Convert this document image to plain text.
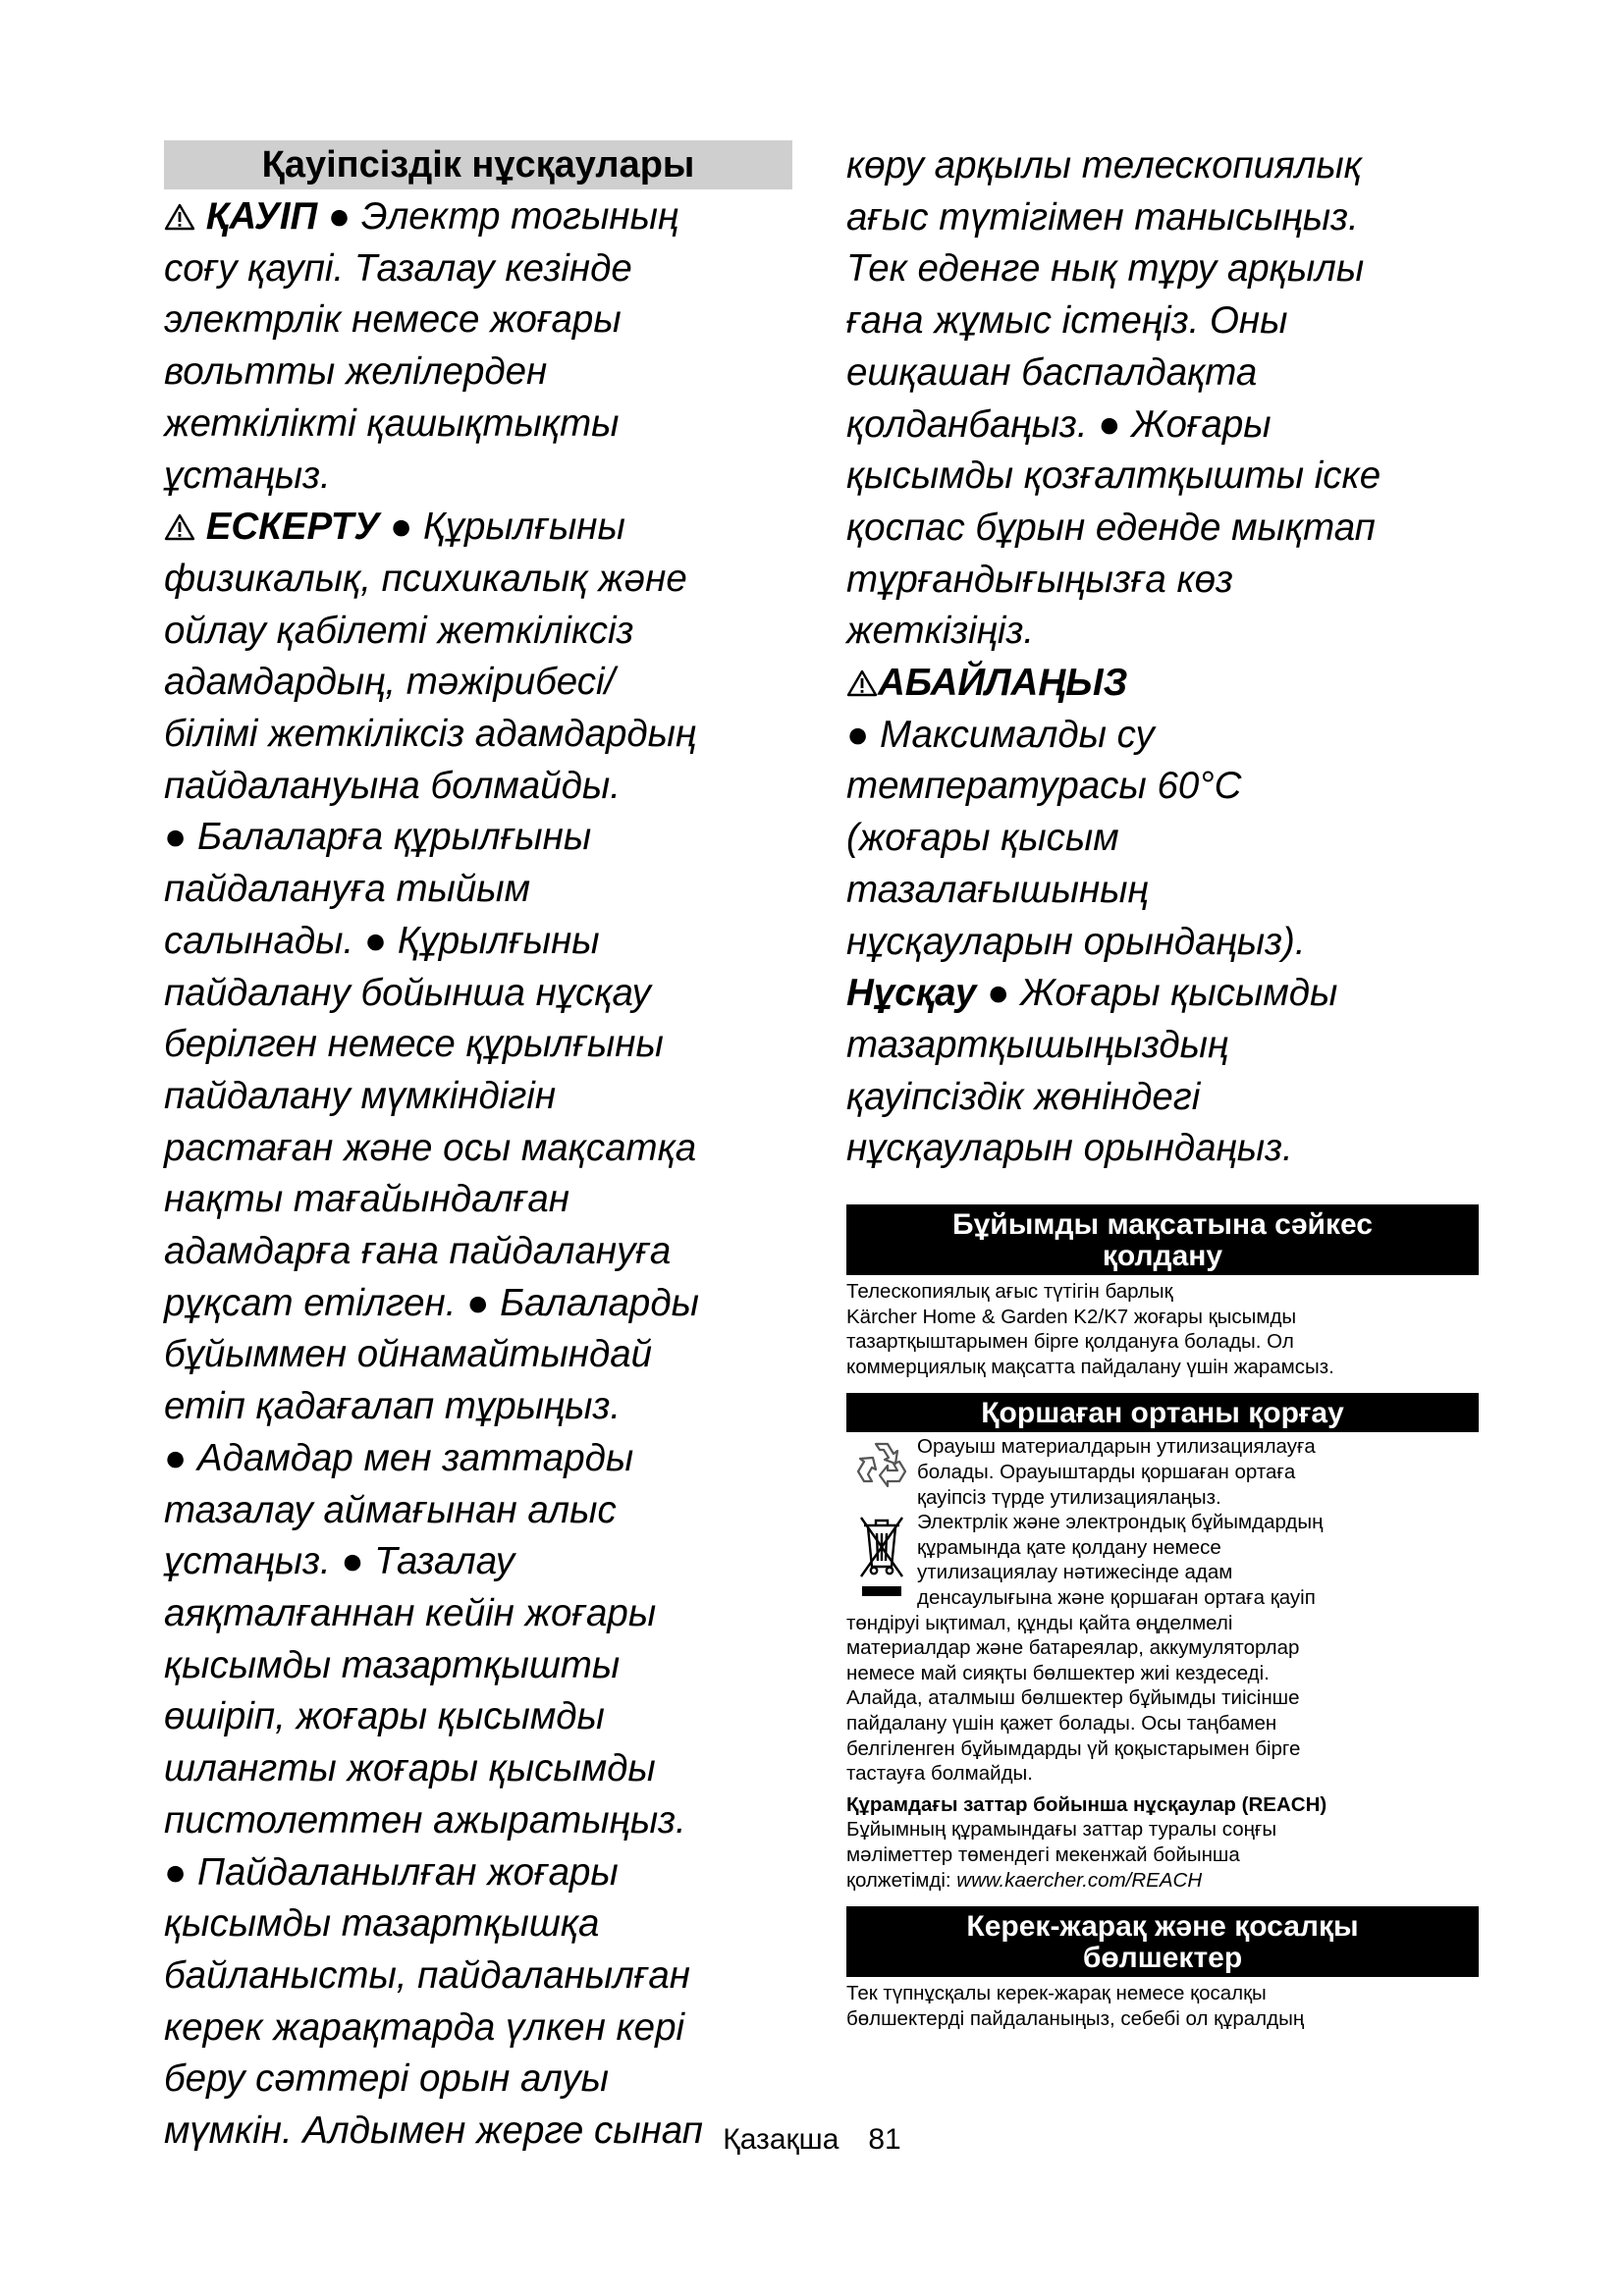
Қауіпсіздік нұсқаулары

ҚАУІП ● Электр тогының
соғу қаупі. Тазалау кезінде
электрлік немесе жоғары
вольтты желілерден
жеткілікті қашықтықты
ұстаңыз.

ЕСКЕРТУ ● Құрылғыны
физикалық, психикалық және
ойлау қабілеті жеткіліксіз
адамдардың, тәжірибесі/
білімі жеткіліксіз адамдардың
пайдалануына болмайды.
● Балаларға құрылғыны
пайдалануға тыйым
салынады. ● Құрылғыны
пайдалану бойынша нұсқау
берілген немесе құрылғыны
пайдалану мүмкіндігін
растаған және осы мақсатқа
нақты тағайындалған
адамдарға ғана пайдалануға
рұқсат етілген. ● Балаларды
бұйыммен ойнамайтындай
етіп қадағалап тұрыңыз.
● Адамдар мен заттарды
тазалау аймағынан алыс
ұстаңыз. ● Тазалау
аяқталғаннан кейін жоғары
қысымды тазартқышты
өшіріп, жоғары қысымды
шлангты жоғары қысымды
пистолеттен ажыратыңыз.
● Пайдаланылған жоғары
қысымды тазартқышқа
байланысты, пайдаланылған
керек жарақтарда үлкен кері
беру сәттері орын алуы
мүмкін. Алдымен жерге сынап

көру арқылы телескопиялық
ағыс түтігімен танысыңыз.
Тек еденге нық тұру арқылы
ғана жұмыс істеңіз. Оны
ешқашан баспалдақта
қолданбаңыз. ● Жоғары
қысымды қозғалтқышты іске
қоспас бұрын еденде мықтап
тұрғандығыңызға көз
жеткізіңіз.

АБАЙЛАҢЫЗ
● Максималды су
температурасы 60°C
(жоғары қысым
тазалағышының
нұсқауларын орындаңыз).

Нұсқау ● Жоғары қысымды
тазартқышыңыздың
қауіпсіздік жөніндегі
нұсқауларын орындаңыз.

Бұйымды мақсатына сәйкес
қолдану

Телескопиялық ағыс түтігін барлық
Kärcher Home & Garden K2/K7 жоғары қысымды
тазартқыштарымен бірге қолдануға болады. Ол
коммерциялық мақсатта пайдалану үшін жарамсыз.

Қоршаған ортаны қорғау

Орауыш материалдарын утилизациялауға
болады. Орауыштарды қоршаған ортаға
қауіпсіз түрде утилизациялаңыз.

Электрлік және электрондық бұйымдардың
құрамында қате қолдану немесе
утилизациялау нәтижесінде адам
денсаулығына және қоршаған ортаға қауіп

төндіруі ықтимал, құнды қайта өңделмелі
материалдар және батареялар, аккумуляторлар
немесе май сияқты бөлшектер жиі кездеседі.
Алайда, аталмыш бөлшектер бұйымды тиісінше
пайдалану үшін қажет болады. Осы таңбамен
белгіленген бұйымдарды үй қоқыстарымен бірге
тастауға болмайды.

Құрамдағы заттар бойынша нұсқаулар (REACH)
Бұйымның құрамындағы заттар туралы соңғы
мәліметтер төмендегі мекенжай бойынша
қолжетімді: www.kaercher.com/REACH

Керек-жарақ және қосалқы
бөлшектер

Тек түпнұсқалы керек-жарақ немесе қосалқы
бөлшектерді пайдаланыңыз, себебі ол құралдың

Қазақша 81
